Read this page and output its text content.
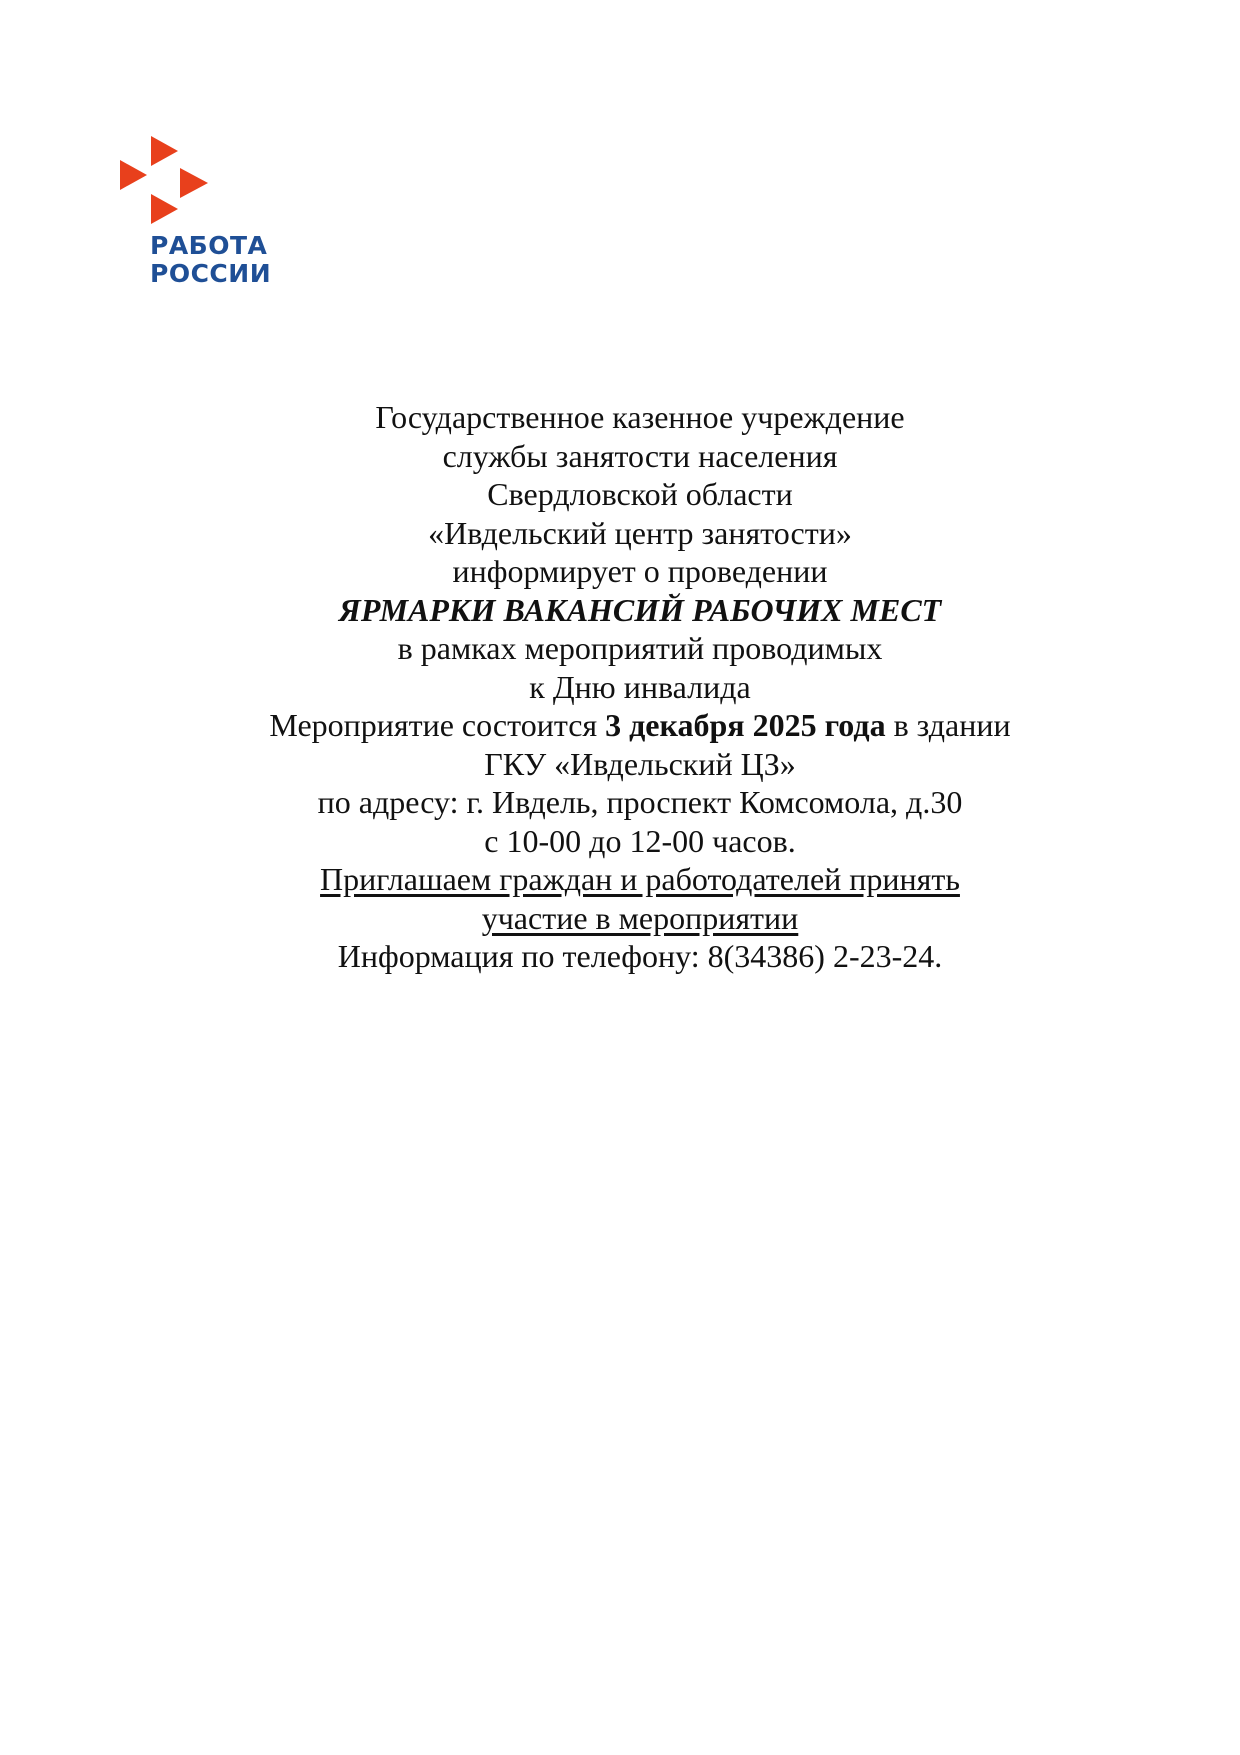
РАБОТА
РОССИИ
Государственное казенное учреждение
службы занятости населения
Свердловской области
«Ивдельский центр занятости»
информирует о проведении
ЯРМАРКИ ВАКАНСИЙ РАБОЧИХ МЕСТ
в рамках мероприятий проводимых
к Дню инвалида
Мероприятие состоится 3 декабря 2025 года в здании
ГКУ «Ивдельский ЦЗ»
по адресу: г. Ивдель, проспект Комсомола, д.30
с 10-00 до 12-00 часов.
Приглашаем граждан и работодателей принять
участие в мероприятии
Информация по телефону: 8(34386) 2-23-24.
